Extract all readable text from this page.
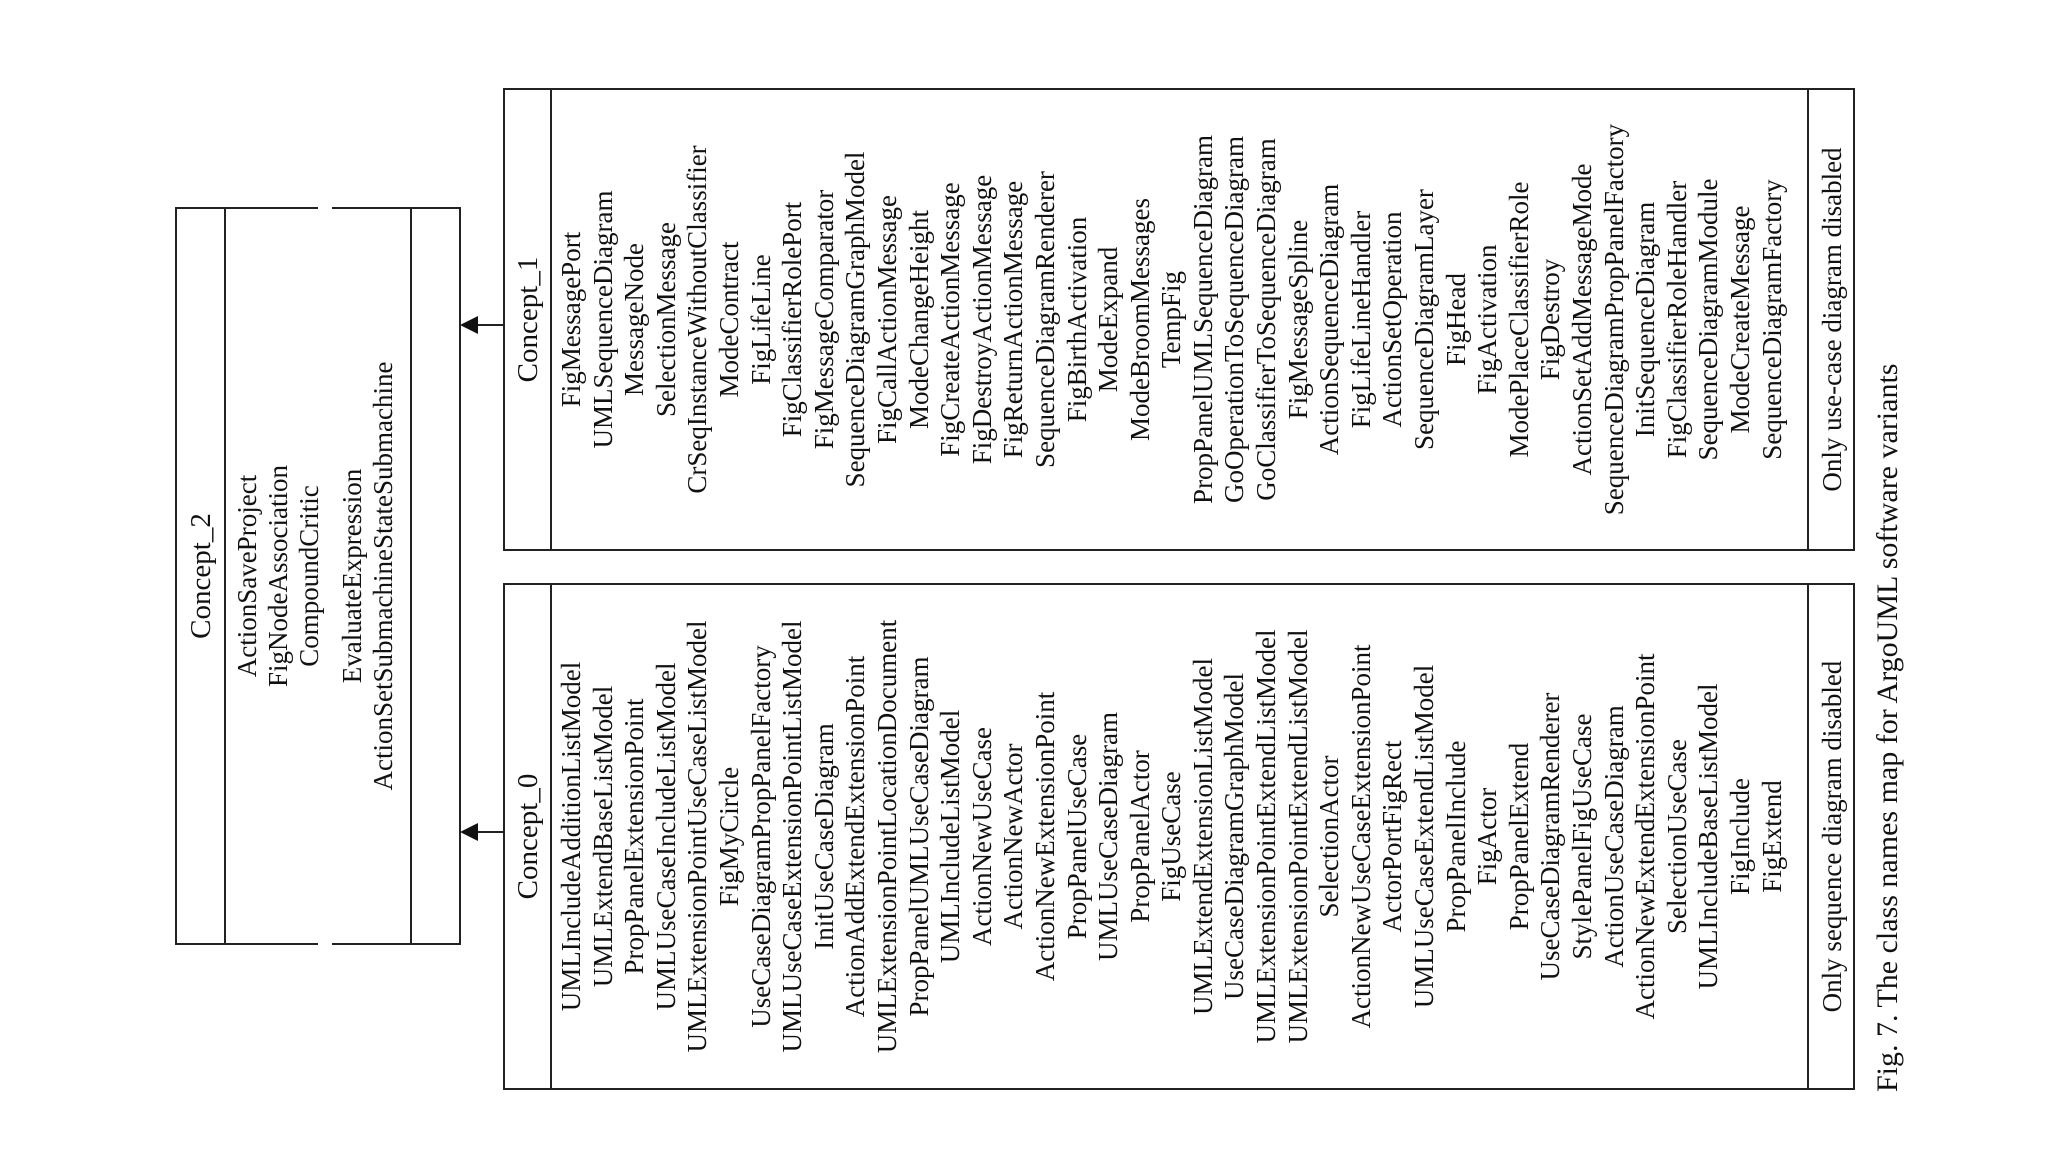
Concept_2 ActionSaveProject FigNodeAssociation CompoundCritic EvaluateExpression ActionSetSubmachineStateSubmachine
Concept_1 FigMessagePort UMLSequenceDiagram MessageNode SelectionMessage CrSeqInstanceWithoutClassifier ModeContract FigLifeLine FigClassifierRolePort FigMessageComparator SequenceDiagramGraphModel FigCallActionMessage ModeChangeHeight FigCreateActionMessage FigDestroyActionMessage FigReturnActionMessage SequenceDiagramRenderer FigBirthActivation ModeExpand ModeBroomMessages TempFig PropPanelUMLSequenceDiagram GoOperationToSequenceDiagram GoClassifierToSequenceDiagram FigMessageSpline ActionSequenceDiagram FigLifeLineHandler ActionSetOperation SequenceDiagramLayer FigHead FigActivation ModePlaceClassifierRole FigDestroy ActionSetAddMessageMode SequenceDiagramPropPanelFactory InitSequenceDiagram FigClassifierRoleHandler SequenceDiagramModule ModeCreateMessage SequenceDiagramFactory Only use-case diagram disabled
Concept_0 UMLIncludeAdditionListModel UMLExtendBaseListModel PropPanelExtensionPoint UMLUseCaseIncludeListModel UMLExtensionPointUseCaseListModel FigMyCircle UseCaseDiagramPropPanelFactory UMLUseCaseExtensionPointListModel InitUseCaseDiagram ActionAddExtendExtensionPoint UMLExtensionPointLocationDocument PropPanelUMLUseCaseDiagram UMLIncludeListModel ActionNewUseCase ActionNewActor ActionNewExtensionPoint PropPanelUseCase UMLUseCaseDiagram PropPanelActor FigUseCase UMLExtendExtensionListModel UseCaseDiagramGraphModel UMLExtensionPointExtendListModel UMLExtensionPointExtendListModel SelectionActor ActionNewUseCaseExtensionPoint ActorPortFigRect UMLUseCaseExtendListModel PropPanelInclude FigActor PropPanelExtend UseCaseDiagramRenderer StylePanelFigUseCase ActionUseCaseDiagram ActionNewExtendExtensionPoint SelectionUseCase UMLIncludeBaseListModel FigInclude FigExtend Only sequence diagram disabled Fig. 7. The class names map for ArgoUML software variants
